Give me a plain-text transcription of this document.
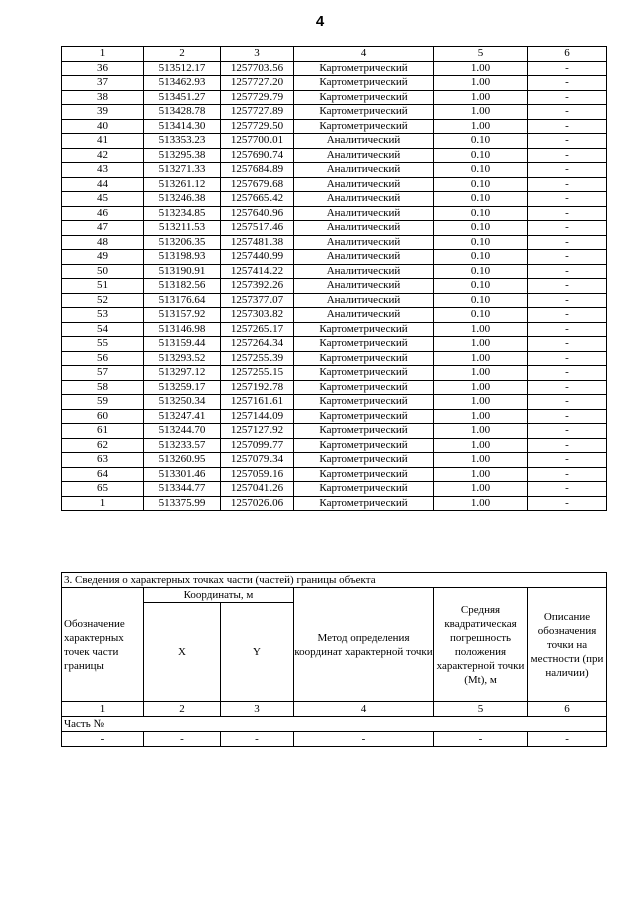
4
1	2	3	4	5	6
36	513512.17	1257703.56	Картометрический	1.00	-
37	513462.93	1257727.20	Картометрический	1.00	-
38	513451.27	1257729.79	Картометрический	1.00	-
39	513428.78	1257727.89	Картометрический	1.00	-
40	513414.30	1257729.50	Картометрический	1.00	-
41	513353.23	1257700.01	Аналитический	0.10	-
42	513295.38	1257690.74	Аналитический	0.10	-
43	513271.33	1257684.89	Аналитический	0.10	-
44	513261.12	1257679.68	Аналитический	0.10	-
45	513246.38	1257665.42	Аналитический	0.10	-
46	513234.85	1257640.96	Аналитический	0.10	-
47	513211.53	1257517.46	Аналитический	0.10	-
48	513206.35	1257481.38	Аналитический	0.10	-
49	513198.93	1257440.99	Аналитический	0.10	-
50	513190.91	1257414.22	Аналитический	0.10	-
51	513182.56	1257392.26	Аналитический	0.10	-
52	513176.64	1257377.07	Аналитический	0.10	-
53	513157.92	1257303.82	Аналитический	0.10	-
54	513146.98	1257265.17	Картометрический	1.00	-
55	513159.44	1257264.34	Картометрический	1.00	-
56	513293.52	1257255.39	Картометрический	1.00	-
57	513297.12	1257255.15	Картометрический	1.00	-
58	513259.17	1257192.78	Картометрический	1.00	-
59	513250.34	1257161.61	Картометрический	1.00	-
60	513247.41	1257144.09	Картометрический	1.00	-
61	513244.70	1257127.92	Картометрический	1.00	-
62	513233.57	1257099.77	Картометрический	1.00	-
63	513260.95	1257079.34	Картометрический	1.00	-
64	513301.46	1257059.16	Картометрический	1.00	-
65	513344.77	1257041.26	Картометрический	1.00	-
1	513375.99	1257026.06	Картометрический	1.00	-
3. Сведения о характерных точках части (частей) границы объекта					
Обозначение характерных точек части границы	Координаты, м		Метод определения координат характерной точки	Средняя квадратическая погрешность положения характерной точки (Mt), м	Описание обозначения точки на местности (при наличии)
	X	Y			
1	2	3	4	5	6
Часть №					
-	-	-	-	-	-
